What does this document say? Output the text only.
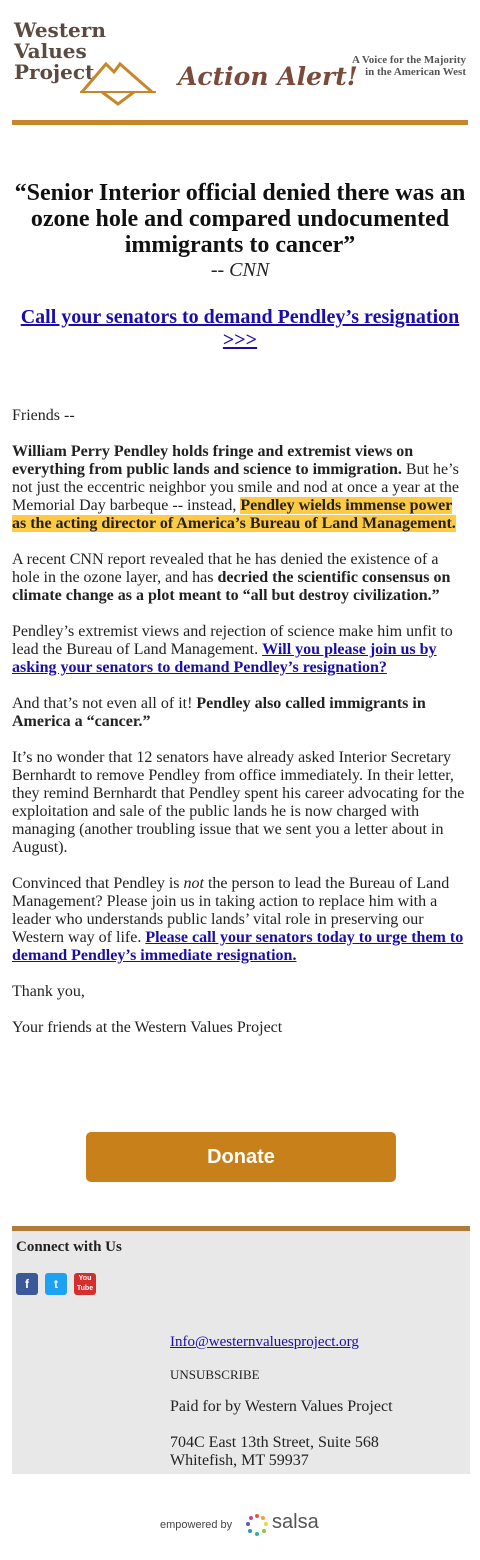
Western
Values
Project	Action Alert!
A Voice for the Majority
in the American West
“Senior Interior official denied there was an ozone hole and compared undocumented immigrants to cancer”
-- CNN
Call your senators to demand Pendley’s resignation >>>

Friends --

William Perry Pendley holds fringe and extremist views on everything from public lands and science to immigration. But he’s not just the eccentric neighbor you smile and nod at once a year at the Memorial Day barbeque -- instead, Pendley wields immense power as the acting director of America’s Bureau of Land Management.

A recent CNN report revealed that he has denied the existence of a hole in the ozone layer, and has decried the scientific consensus on climate change as a plot meant to “all but destroy civilization.”

Pendley’s extremist views and rejection of science make him unfit to lead the Bureau of Land Management. Will you please join us by asking your senators to demand Pendley’s resignation?

And that’s not even all of it! Pendley also called immigrants in America a “cancer.”

It’s no wonder that 12 senators have already asked Interior Secretary Bernhardt to remove Pendley from office immediately. In their letter, they remind Bernhardt that Pendley spent his career advocating for the exploitation and sale of the public lands he is now charged with managing (another troubling issue that we sent you a letter about in August).

Convinced that Pendley is not the person to lead the Bureau of Land Management? Please join us in taking action to replace him with a leader who understands public lands’ vital role in preserving our Western way of life. Please call your senators today to urge them to demand Pendley’s immediate resignation.

Thank you,

Your friends at the Western Values Project

Donate
Connect with Us
f	t	You
Tube
Info@westernvaluesproject.org
UNSUBSCRIBE
Paid for by Western Values Project
704C East 13th Street, Suite 568
Whitefish, MT 59937
empowered by salsa
